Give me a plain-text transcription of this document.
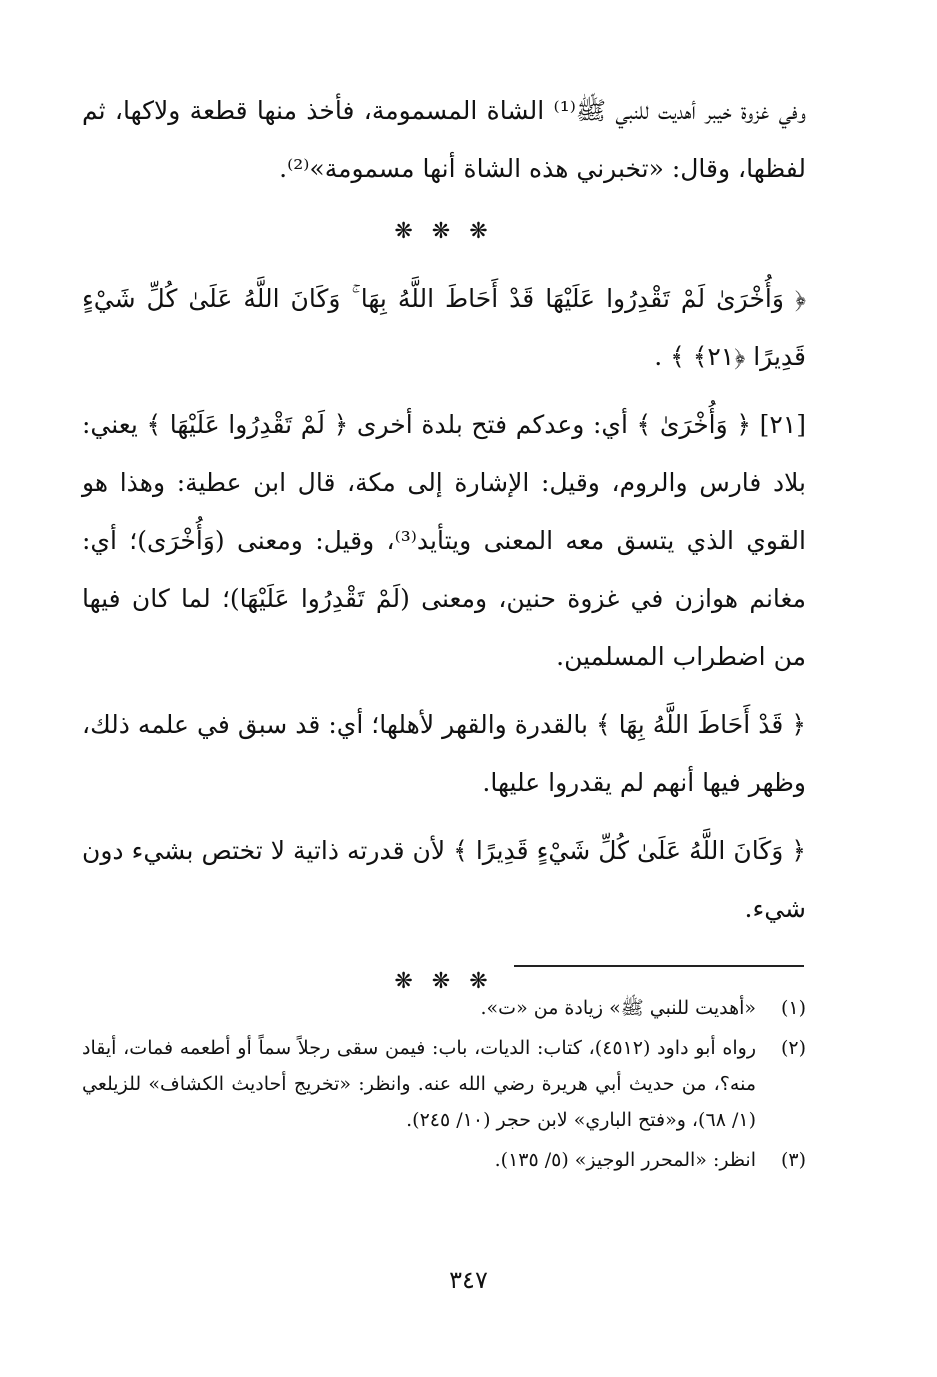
وفي غزوة خيبر أهديت للنبي ﷺ⁽¹⁾ الشاة المسمومة، فأخذ منها قطعة ولاكها، ثم لفظها، وقال: «تخبرني هذه الشاة أنها مسمومة»⁽²⁾.

❋ ❋ ❋

﴿ وَأُخْرَىٰ لَمْ تَقْدِرُوا عَلَيْهَا قَدْ أَحَاطَ اللَّهُ بِهَا ۚ وَكَانَ اللَّهُ عَلَىٰ كُلِّ شَيْءٍ قَدِيرًا ﴿٢١﴾ ﴾ .

[٢١] ﴿ وَأُخْرَىٰ ﴾ أي: وعدكم فتح بلدة أخرى ﴿ لَمْ تَقْدِرُوا عَلَيْهَا ﴾ يعني: بلاد فارس والروم، وقيل: الإشارة إلى مكة، قال ابن عطية: وهذا هو القوي الذي يتسق معه المعنى ويتأيد⁽³⁾، وقيل: ومعنى (وَأُخْرَى)؛ أي: مغانم هوازن في غزوة حنين، ومعنى (لَمْ تَقْدِرُوا عَلَيْهَا)؛ لما كان فيها من اضطراب المسلمين.

﴿ قَدْ أَحَاطَ اللَّهُ بِهَا ﴾ بالقدرة والقهر لأهلها؛ أي: قد سبق في علمه ذلك، وظهر فيها أنهم لم يقدروا عليها.

﴿ وَكَانَ اللَّهُ عَلَىٰ كُلِّ شَيْءٍ قَدِيرًا ﴾ لأن قدرته ذاتية لا تختص بشيء دون شيء.

❋ ❋ ❋
(١)
«أهديت للنبي ﷺ» زيادة من «ت».
(٢)
رواه أبو داود (٤٥١٢)، كتاب: الديات، باب: فيمن سقى رجلاً سماً أو أطعمه فمات، أيقاد منه؟، من حديث أبي هريرة رضي الله عنه. وانظر: «تخريج أحاديث الكشاف» للزيلعي (١/ ٦٨)، و«فتح الباري» لابن حجر (١٠/ ٢٤٥).
(٣)
انظر: «المحرر الوجيز» (٥/ ١٣٥).
٣٤٧
